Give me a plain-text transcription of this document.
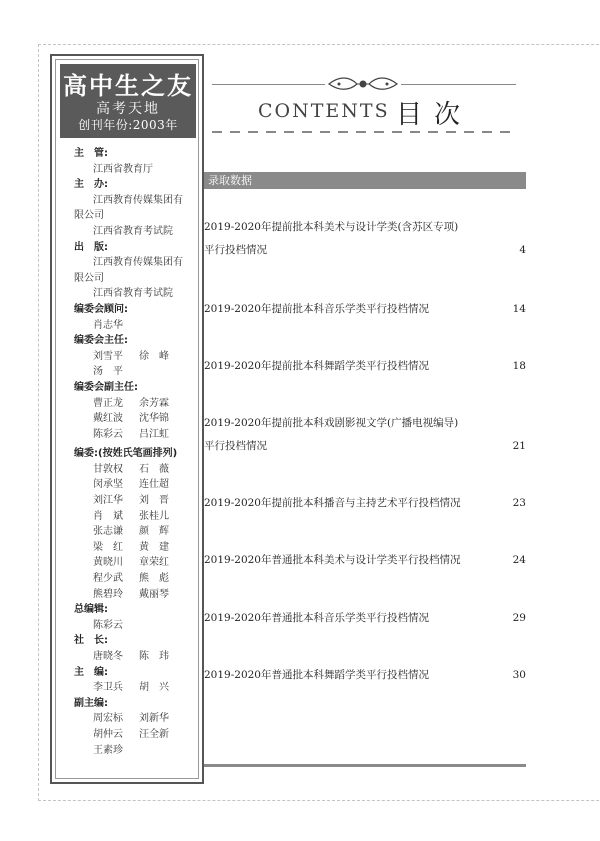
高中生之友
高考天地
创刊年份:2003年
主　管:
江西省教育厅
主　办:
江西教育传媒集团有
限公司
江西省教育考试院
出　版:
江西教育传媒集团有
限公司
江西省教育考试院
编委会顾问:
肖志华
编委会主任:
刘雪平	徐　峰
汤　平
编委会副主任:
曹正龙	余芳霖
戴红波	沈华锦
陈彩云	吕江虹
编委:(按姓氏笔画排列)
甘敦权	石　薇
闵承坚	连仕超
刘江华	刘　晋
肖　斌	张桂儿
张志谦	颜　辉
梁　红	黄　建
黄晓川	章荣红
程少武	熊　彪
熊碧玲	戴丽琴
总编辑:
陈彩云
社　长:
唐晓冬	陈　玮
主　编:
李卫兵	胡　兴
副主编:
周宏标	刘新华
胡仲云	汪全新
王素珍
CONTENTS 目次
录取数据
2019-2020年提前批本科美术与设计学类(含苏区专项)
平行投档情况	4
2019-2020年提前批本科音乐学类平行投档情况	14
2019-2020年提前批本科舞蹈学类平行投档情况	18
2019-2020年提前批本科戏剧影视文学(广播电视编导)
平行投档情况	21
2019-2020年提前批本科播音与主持艺术平行投档情况	23
2019-2020年普通批本科美术与设计学类平行投档情况	24
2019-2020年普通批本科音乐学类平行投档情况	29
2019-2020年普通批本科舞蹈学类平行投档情况	30
